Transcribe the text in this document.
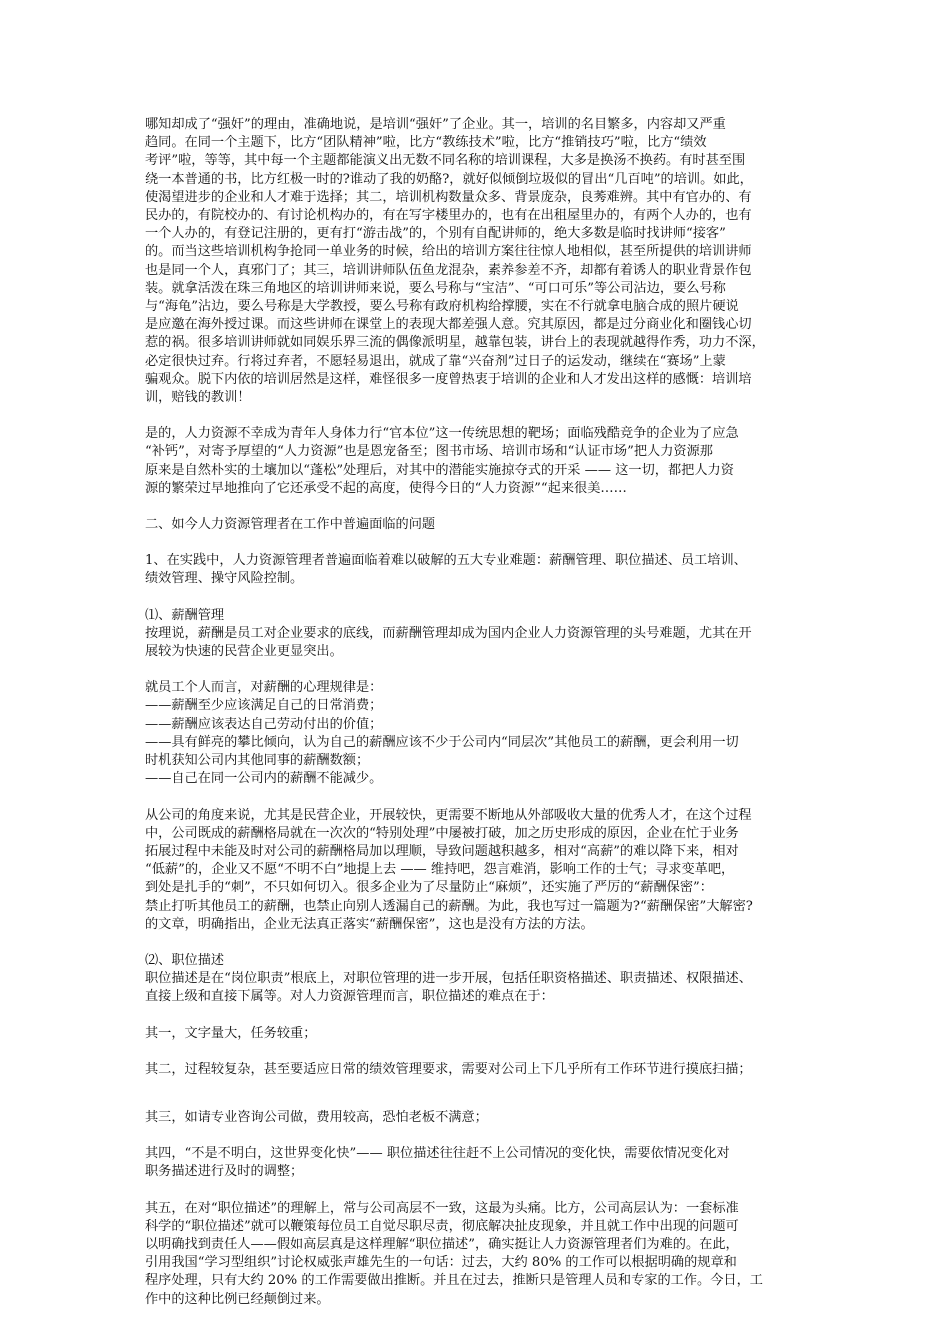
哪知却成了“强奸”的理由，准确地说，是培训“强奸”了企业。其一，培训的名目繁多，内容却又严重
趋同。在同一个主题下，比方“团队精神”啦，比方“教练技术”啦，比方“推销技巧”啦，比方“绩效
考评”啦，等等，其中每一个主题都能演义出无数不同名称的培训课程，大多是换汤不换药。有时甚至围
绕一本普通的书，比方红极一时的?谁动了我的奶酪?，就好似倾倒垃圾似的冒出“几百吨”的培训。如此，
使渴望进步的企业和人才难于选择；其二，培训机构数量众多、背景庞杂，良莠难辨。其中有官办的、有
民办的，有院校办的、有讨论机构办的，有在写字楼里办的，也有在出租屋里办的，有两个人办的，也有
一个人办的，有登记注册的，更有打“游击战”的，个别有自配讲师的，绝大多数是临时找讲师“接客”
的。而当这些培训机构争抢同一单业务的时候，给出的培训方案往往惊人地相似，甚至所提供的培训讲师
也是同一个人，真邪门了；其三，培训讲师队伍鱼龙混杂，素养参差不齐，却都有着诱人的职业背景作包
装。就拿活泼在珠三角地区的培训讲师来说，要么号称与“宝洁”、“可口可乐”等公司沾边，要么号称
与“海龟”沾边，要么号称是大学教授，要么号称有政府机构给撑腰，实在不行就拿电脑合成的照片硬说
是应邀在海外授过课。而这些讲师在课堂上的表现大都差强人意。究其原因，都是过分商业化和圈钱心切
惹的祸。很多培训讲师就如同娱乐界三流的偶像派明星，越靠包装，讲台上的表现就越得作秀，功力不深，
必定很快过弃。行将过弃者，不愿轻易退出，就成了靠“兴奋剂”过日子的运发动，继续在“赛场”上蒙
骗观众。脱下内依的培训居然是这样，难怪很多一度曾热衷于培训的企业和人才发出这样的感慨：培训培
训，赔钱的教训！
是的，人力资源不幸成为青年人身体力行“官本位”这一传统思想的靶场；面临残酷竞争的企业为了应急
“补钙”，对寄予厚望的“人力资源”也是恩宠备至；图书市场、培训市场和“认证市场”把人力资源那
原来是自然朴实的土壤加以“蓬松”处理后，对其中的潜能实施掠夺式的开采 —— 这一切，都把人力资
源的繁荣过早地推向了它还承受不起的高度，使得今日的“人力资源”“起来很美……
二、如今人力资源管理者在工作中普遍面临的问题
1、在实践中，人力资源管理者普遍面临着难以破解的五大专业难题：薪酬管理、职位描述、员工培训、
绩效管理、操守风险控制。
⑴、薪酬管理
按理说，薪酬是员工对企业要求的底线，而薪酬管理却成为国内企业人力资源管理的头号难题，尤其在开
展较为快速的民营企业更显突出。
就员工个人而言，对薪酬的心理规律是：
——薪酬至少应该满足自己的日常消费；
——薪酬应该表达自己劳动付出的价值；
——具有鲜亮的攀比倾向，认为自己的薪酬应该不少于公司内“同层次”其他员工的薪酬，更会利用一切
时机获知公司内其他同事的薪酬数额；
——自己在同一公司内的薪酬不能减少。
从公司的角度来说，尤其是民营企业，开展较快，更需要不断地从外部吸收大量的优秀人才，在这个过程
中，公司既成的薪酬格局就在一次次的“特别处理”中屡被打破，加之历史形成的原因，企业在忙于业务
拓展过程中未能及时对公司的薪酬格局加以理顺，导致问题越积越多，相对“高薪”的难以降下来，相对
“低薪”的，企业又不愿“不明不白”地提上去 —— 维持吧，怨言难消，影响工作的士气；寻求变革吧，
到处是扎手的“刺”，不只如何切入。很多企业为了尽量防止“麻烦”，还实施了严厉的“薪酬保密”：
禁止打听其他员工的薪酬，也禁止向别人透漏自己的薪酬。为此，我也写过一篇题为?“薪酬保密”大解密?
的文章，明确指出，企业无法真正落实“薪酬保密”，这也是没有方法的方法。
⑵、职位描述
职位描述是在“岗位职责”根底上，对职位管理的进一步开展，包括任职资格描述、职责描述、权限描述、
直接上级和直接下属等。对人力资源管理而言，职位描述的难点在于：
其一，文字量大，任务较重；
其二，过程较复杂，甚至要适应日常的绩效管理要求，需要对公司上下几乎所有工作环节进行摸底扫描；
其三，如请专业咨询公司做，费用较高，恐怕老板不满意；
其四，“不是不明白，这世界变化快”—— 职位描述往往赶不上公司情况的变化快，需要依情况变化对
职务描述进行及时的调整；
其五，在对“职位描述”的理解上，常与公司高层不一致，这最为头痛。比方，公司高层认为：一套标准
科学的“职位描述”就可以鞭策每位员工自觉尽职尽责，彻底解决扯皮现象，并且就工作中出现的问题可
以明确找到责任人——假如高层真是这样理解“职位描述”，确实挺让人力资源管理者们为难的。在此，
引用我国“学习型组织”讨论权威张声雄先生的一句话：过去，大约 80% 的工作可以根据明确的规章和
程序处理，只有大约 20% 的工作需要做出推断。并且在过去，推断只是管理人员和专家的工作。今日，工
作中的这种比例已经颠倒过来。
